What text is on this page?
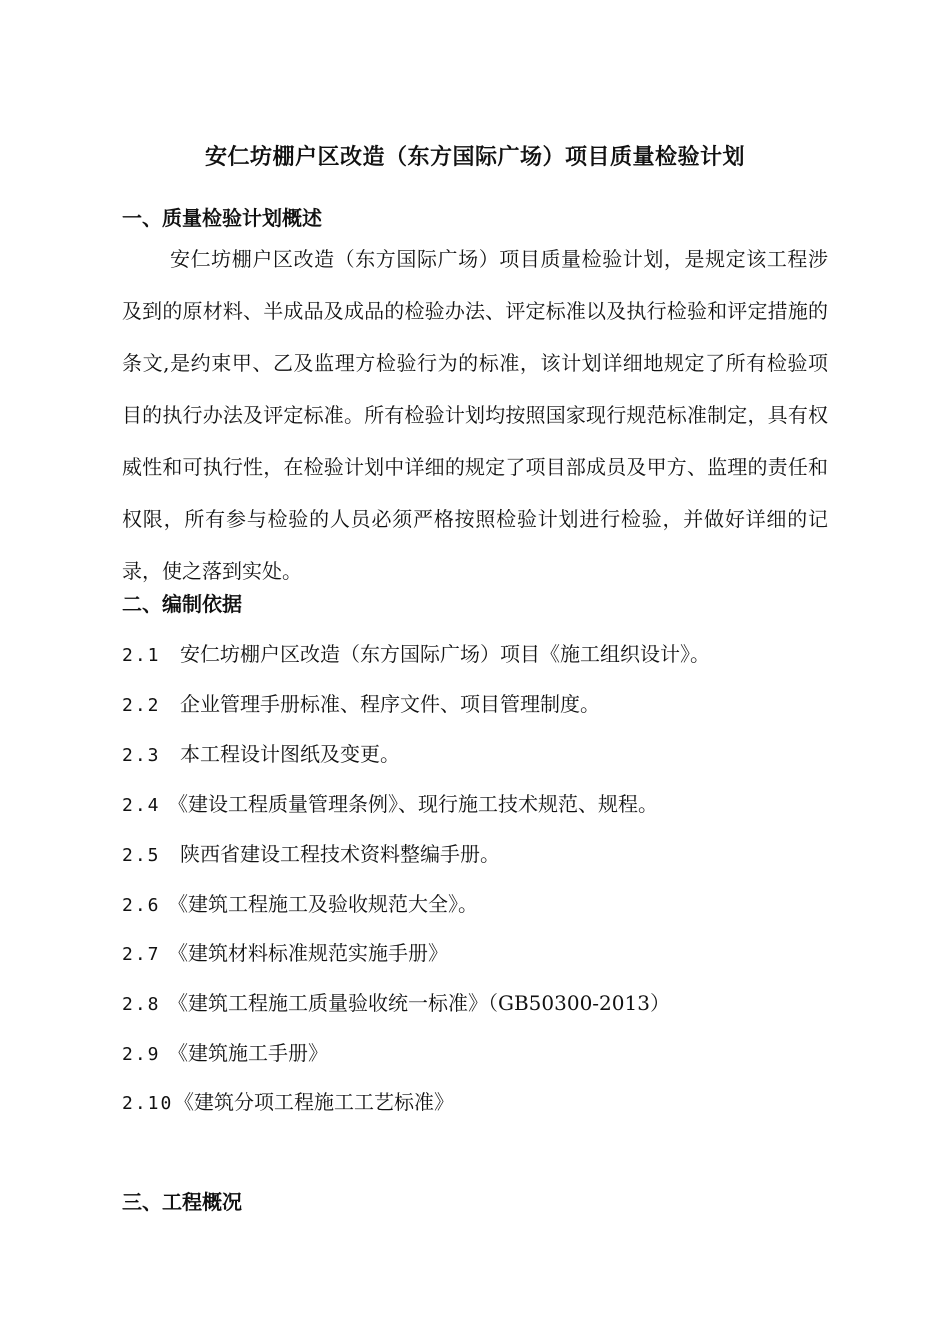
安仁坊棚户区改造（东方国际广场）项目质量检验计划
一、质量检验计划概述

安仁坊棚户区改造（东方国际广场）项目质量检验计划，是规定该工程涉及到的原材料、半成品及成品的检验办法、评定标准以及执行检验和评定措施的条文,是约束甲、乙及监理方检验行为的标准，该计划详细地规定了所有检验项目的执行办法及评定标准。所有检验计划均按照国家现行规范标准制定，具有权威性和可执行性，在检验计划中详细的规定了项目部成员及甲方、监理的责任和权限，所有参与检验的人员必须严格按照检验计划进行检验，并做好详细的记录，使之落到实处。

二、编制依据
2.1 安仁坊棚户区改造（东方国际广场）项目《施工组织设计》。
2.2 企业管理手册标准、程序文件、项目管理制度。
2.3 本工程设计图纸及变更。
2.4 《建设工程质量管理条例》、现行施工技术规范、规程。
2.5 陕西省建设工程技术资料整编手册。
2.6 《建筑工程施工及验收规范大全》。
2.7 《建筑材料标准规范实施手册》
2.8 《建筑工程施工质量验收统一标准》（GB50300-2013）
2.9 《建筑施工手册》
2.10《建筑分项工程施工工艺标准》
三、工程概况
